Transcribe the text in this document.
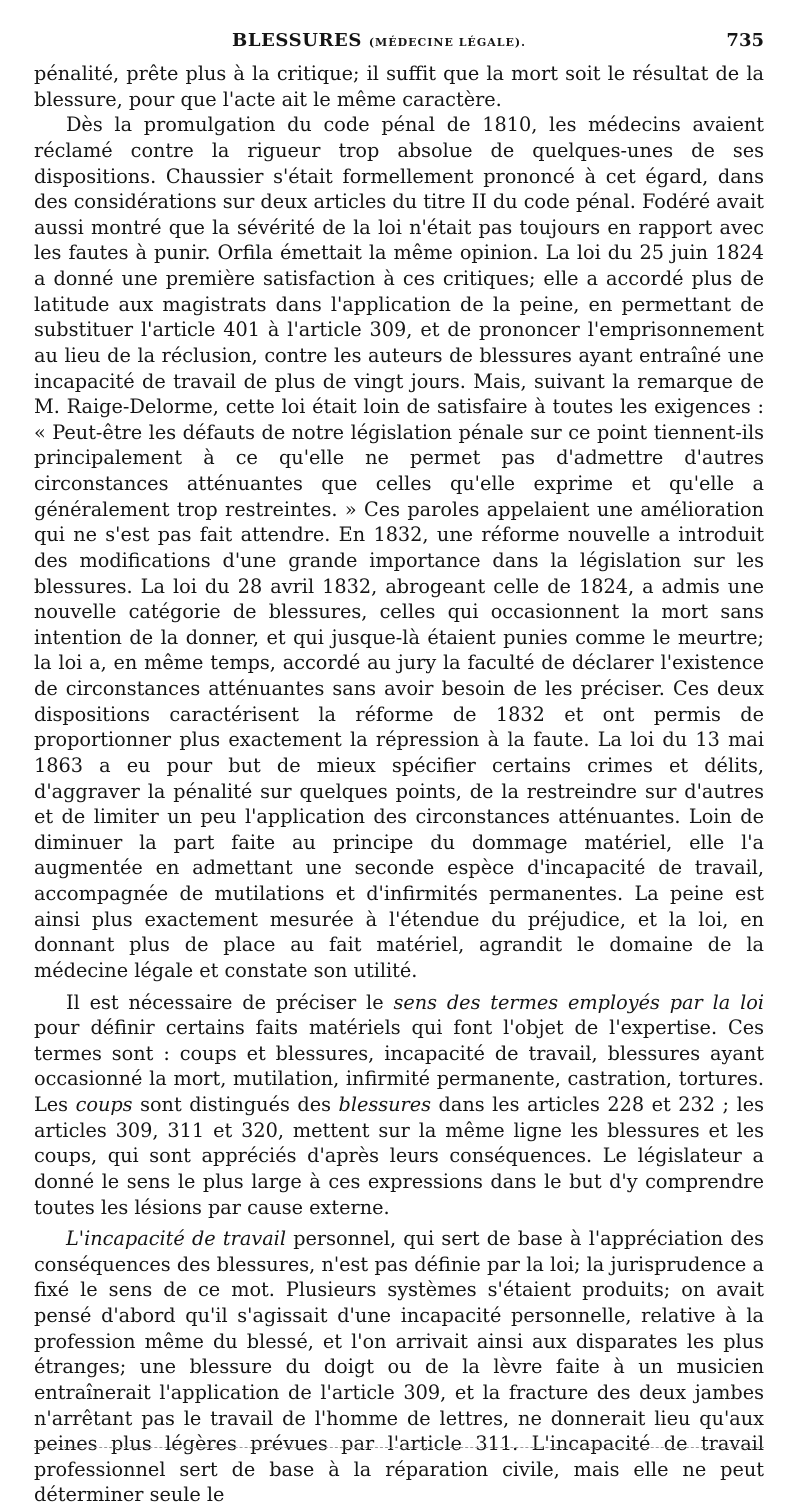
BLESSURES (MÉDECINE LÉGALE).	735

pénalité, prête plus à la critique; il suffit que la mort soit le résultat de la blessure, pour que l'acte ait le même caractère.

Dès la promulgation du code pénal de 1810, les médecins avaient réclamé contre la rigueur trop absolue de quelques-unes de ses dispositions. Chaussier s'était formellement prononcé à cet égard, dans des considérations sur deux articles du titre II du code pénal. Fodéré avait aussi montré que la sévérité de la loi n'était pas toujours en rapport avec les fautes à punir. Orfila émettait la même opinion. La loi du 25 juin 1824 a donné une première satisfaction à ces critiques; elle a accordé plus de latitude aux magistrats dans l'application de la peine, en permettant de substituer l'article 401 à l'article 309, et de prononcer l'emprisonnement au lieu de la réclusion, contre les auteurs de blessures ayant entraîné une incapacité de travail de plus de vingt jours. Mais, suivant la remarque de M. Raige-Delorme, cette loi était loin de satisfaire à toutes les exigences : « Peut-être les défauts de notre législation pénale sur ce point tiennent-ils principalement à ce qu'elle ne permet pas d'admettre d'autres circonstances atténuantes que celles qu'elle exprime et qu'elle a généralement trop restreintes. » Ces paroles appelaient une amélioration qui ne s'est pas fait attendre. En 1832, une réforme nouvelle a introduit des modifications d'une grande importance dans la législation sur les blessures. La loi du 28 avril 1832, abrogeant celle de 1824, a admis une nouvelle catégorie de blessures, celles qui occasionnent la mort sans intention de la donner, et qui jusque-là étaient punies comme le meurtre; la loi a, en même temps, accordé au jury la faculté de déclarer l'existence de circonstances atténuantes sans avoir besoin de les préciser. Ces deux dispositions caractérisent la réforme de 1832 et ont permis de proportionner plus exactement la répression à la faute. La loi du 13 mai 1863 a eu pour but de mieux spécifier certains crimes et délits, d'aggraver la pénalité sur quelques points, de la restreindre sur d'autres et de limiter un peu l'application des circonstances atténuantes. Loin de diminuer la part faite au principe du dommage matériel, elle l'a augmentée en admettant une seconde espèce d'incapacité de travail, accompagnée de mutilations et d'infirmités permanentes. La peine est ainsi plus exactement mesurée à l'étendue du préjudice, et la loi, en donnant plus de place au fait matériel, agrandit le domaine de la médecine légale et constate son utilité.

Il est nécessaire de préciser le sens des termes employés par la loi pour définir certains faits matériels qui font l'objet de l'expertise. Ces termes sont : coups et blessures, incapacité de travail, blessures ayant occasionné la mort, mutilation, infirmité permanente, castration, tortures. Les coups sont distingués des blessures dans les articles 228 et 232 ; les articles 309, 311 et 320, mettent sur la même ligne les blessures et les coups, qui sont appréciés d'après leurs conséquences. Le législateur a donné le sens le plus large à ces expressions dans le but d'y comprendre toutes les lésions par cause externe.

L'incapacité de travail personnel, qui sert de base à l'appréciation des conséquences des blessures, n'est pas définie par la loi; la jurisprudence a fixé le sens de ce mot. Plusieurs systèmes s'étaient produits; on avait pensé d'abord qu'il s'agissait d'une incapacité personnelle, relative à la profession même du blessé, et l'on arrivait ainsi aux disparates les plus étranges; une blessure du doigt ou de la lèvre faite à un musicien entraînerait l'application de l'article 309, et la fracture des deux jambes n'arrêtant pas le travail de l'homme de lettres, ne donnerait lieu qu'aux peines plus légères prévues par l'article 311. L'incapacité de travail professionnel sert de base à la réparation civile, mais elle ne peut déterminer seule le
